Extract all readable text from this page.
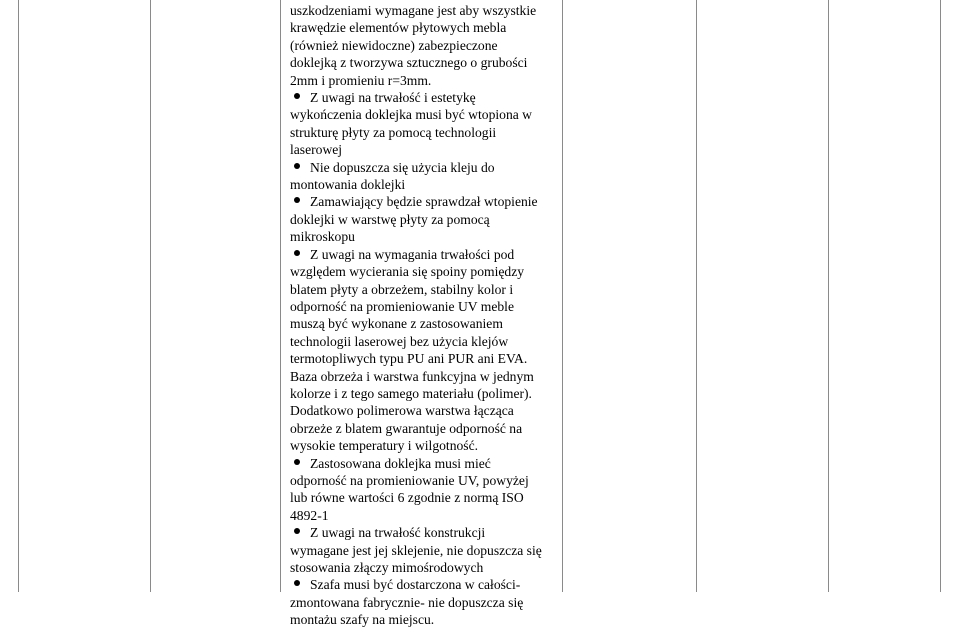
uszkodzeniami wymagane jest aby wszystkie
krawędzie elementów płytowych mebla
(również niewidoczne) zabezpieczone
doklejką z tworzywa sztucznego o grubości
2mm i promieniu r=3mm.
Z uwagi na trwałość i estetykę
wykończenia doklejka musi być wtopiona w
strukturę płyty za pomocą technologii
laserowej
Nie dopuszcza się użycia kleju do
montowania doklejki
Zamawiający będzie sprawdzał wtopienie
doklejki w warstwę płyty za pomocą
mikroskopu
Z uwagi na wymagania trwałości pod
względem wycierania się spoiny pomiędzy
blatem płyty a obrzeżem, stabilny kolor i
odporność na promieniowanie UV meble
muszą być wykonane z zastosowaniem
technologii laserowej bez użycia klejów
termotopliwych typu PU ani PUR ani EVA.
Baza obrzeża i warstwa funkcyjna w jednym
kolorze i z tego samego materiału (polimer).
Dodatkowo polimerowa warstwa łącząca
obrzeże z blatem gwarantuje odporność na
wysokie temperatury i wilgotność.
Zastosowana doklejka musi mieć
odporność na promieniowanie UV, powyżej
lub równe wartości 6 zgodnie z normą ISO
4892-1
Z uwagi na trwałość konstrukcji
wymagane jest jej sklejenie, nie dopuszcza się
stosowania złączy mimośrodowych
Szafa musi być dostarczona w całości-
zmontowana fabrycznie- nie dopuszcza się
montażu szafy na miejscu.
